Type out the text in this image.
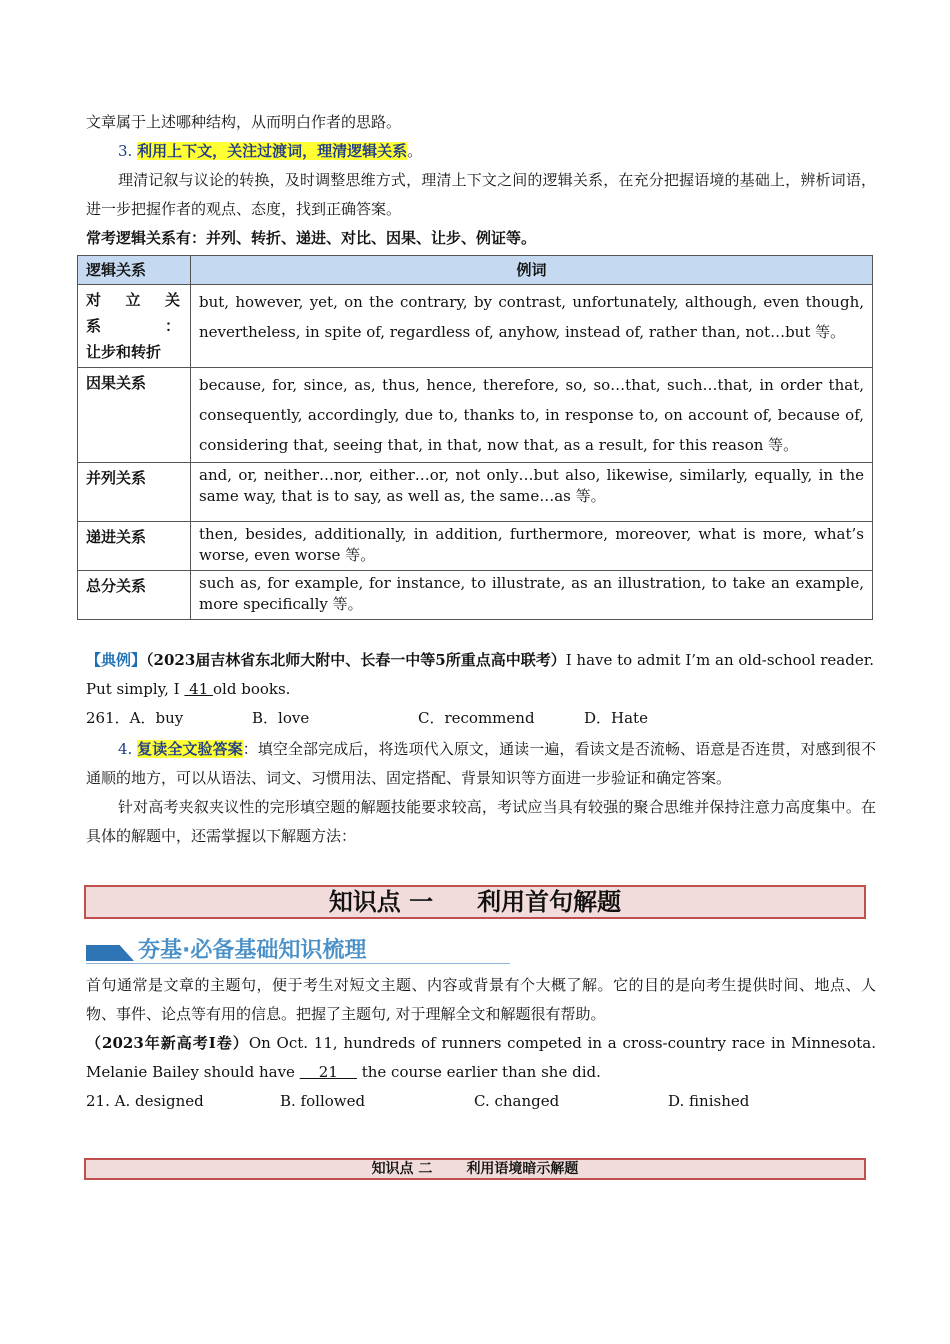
文章属于上述哪种结构，从而明白作者的思路。

3. 利用上下文，关注过渡词，理清逻辑关系。

理清记叙与议论的转换，及时调整思维方式，理清上下文之间的逻辑关系，在充分把握语境的基础上，辨析词语，进一步把握作者的观点、态度，找到正确答案。

常考逻辑关系有：并列、转折、递进、对比、因果、让步、例证等。

逻辑关系	例词

对 立 关系：
让步和转折	but, however, yet, on the contrary, by contrast, unfortunately, although, even though, nevertheless, in spite of, regardless of, anyhow, instead of, rather than, not…but 等。
因果关系	because, for, since, as, thus, hence, therefore, so, so…that, such…that, in order that, consequently, accordingly, due to, thanks to, in response to, on account of, because of, considering that, seeing that, in that, now that, as a result, for this reason 等。
并列关系	and, or, neither…nor, either…or, not only…but also, likewise, similarly, equally, in the same way, that is to say, as well as, the same…as 等。
递进关系	then, besides, additionally, in addition, furthermore, moreover, what is more, what’s worse, even worse 等。
总分关系	such as, for example, for instance, to illustrate, as an illustration, to take an example, more specifically 等。

【典例】（2023届吉林省东北师大附中、长春一中等5所重点高中联考）I have to admit I’m an old-school reader. Put simply, I  41 old books.

261．A．buy	B．love	C．recommend	D．Hate

4. 复读全文验答案：填空全部完成后，将选项代入原文，通读一遍，看读文是否流畅、语意是否连贯，对感到很不通顺的地方，可以从语法、词文、习惯用法、固定搭配、背景知识等方面进一步验证和确定答案。

针对高考夹叙夹议性的完形填空题的解题技能要求较高，考试应当具有较强的聚合思维并保持注意力高度集中。在具体的解题中，还需掌握以下解题方法：

知识点 一 利用首句解题
夯基·必备基础知识梳理

首句通常是文章的主题句，便于考生对短文主题、内容或背景有个大概了解。它的目的是向考生提供时间、地点、人物、事件、论点等有用的信息。把握了主题句, 对于理解全文和解题很有帮助。

（2023年新高考I卷）On Oct. 11, hundreds of runners competed in a cross-country race in Minnesota. Melanie Bailey should have     21     the course earlier than she did.

21. A. designed	B. followed	C. changed	D. finished
知识点 二 利用语境暗示解题
